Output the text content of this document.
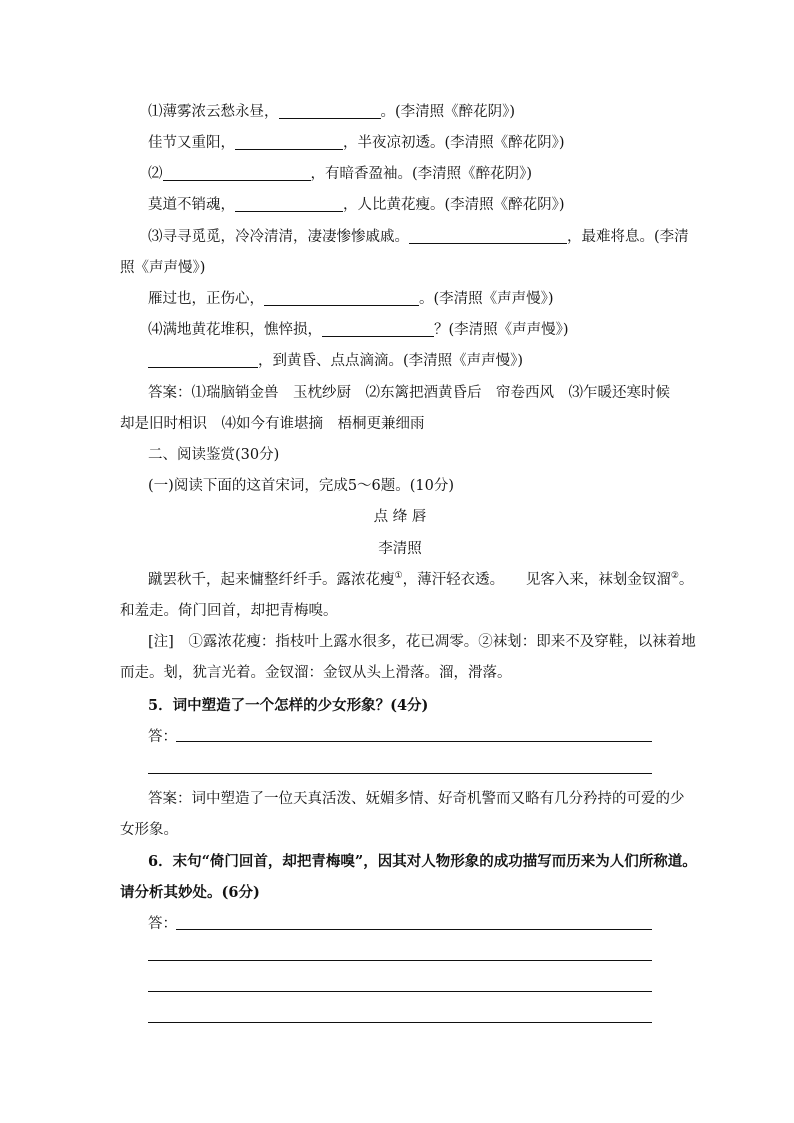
⑴薄雾浓云愁永昼，	。(李清照《醉花阴》)
佳节又重阳，	，半夜凉初透。(李清照《醉花阴》)
⑵	，有暗香盈袖。(李清照《醉花阴》)
莫道不销魂，	，人比黄花瘦。(李清照《醉花阴》)
⑶寻寻觅觅，冷冷清清，凄凄惨惨戚戚。	，最难将息。(李清
照《声声慢》)
雁过也，正伤心，	。(李清照《声声慢》)
⑷满地黄花堆积，憔悴损，	？(李清照《声声慢》)
，到黄昏、点点滴滴。(李清照《声声慢》)
答案：⑴瑞脑销金兽　玉枕纱厨　⑵东篱把酒黄昏后　帘卷西风　⑶乍暖还寒时候
却是旧时相识　⑷如今有谁堪摘　梧桐更兼细雨
二、阅读鉴赏(30分)
(一)阅读下面的这首宋词，完成5～6题。(10分)
点 绛 唇
李清照
蹴罢秋千，起来慵整纤纤手。露浓花瘦①，薄汗轻衣透。　　见客入来，袜刬金钗溜②。
和羞走。倚门回首，却把青梅嗅。
[注]　①露浓花瘦：指枝叶上露水很多，花已凋零。②袜刬：即来不及穿鞋，以袜着地
而走。刬，犹言光着。金钗溜：金钗从头上滑落。溜，滑落。
5．词中塑造了一个怎样的少女形象？(4分)
答：
答案：词中塑造了一位天真活泼、妩媚多情、好奇机警而又略有几分矜持的可爱的少
女形象。
6．末句“倚门回首，却把青梅嗅”，因其对人物形象的成功描写而历来为人们所称道。
请分析其妙处。(6分)
答：
